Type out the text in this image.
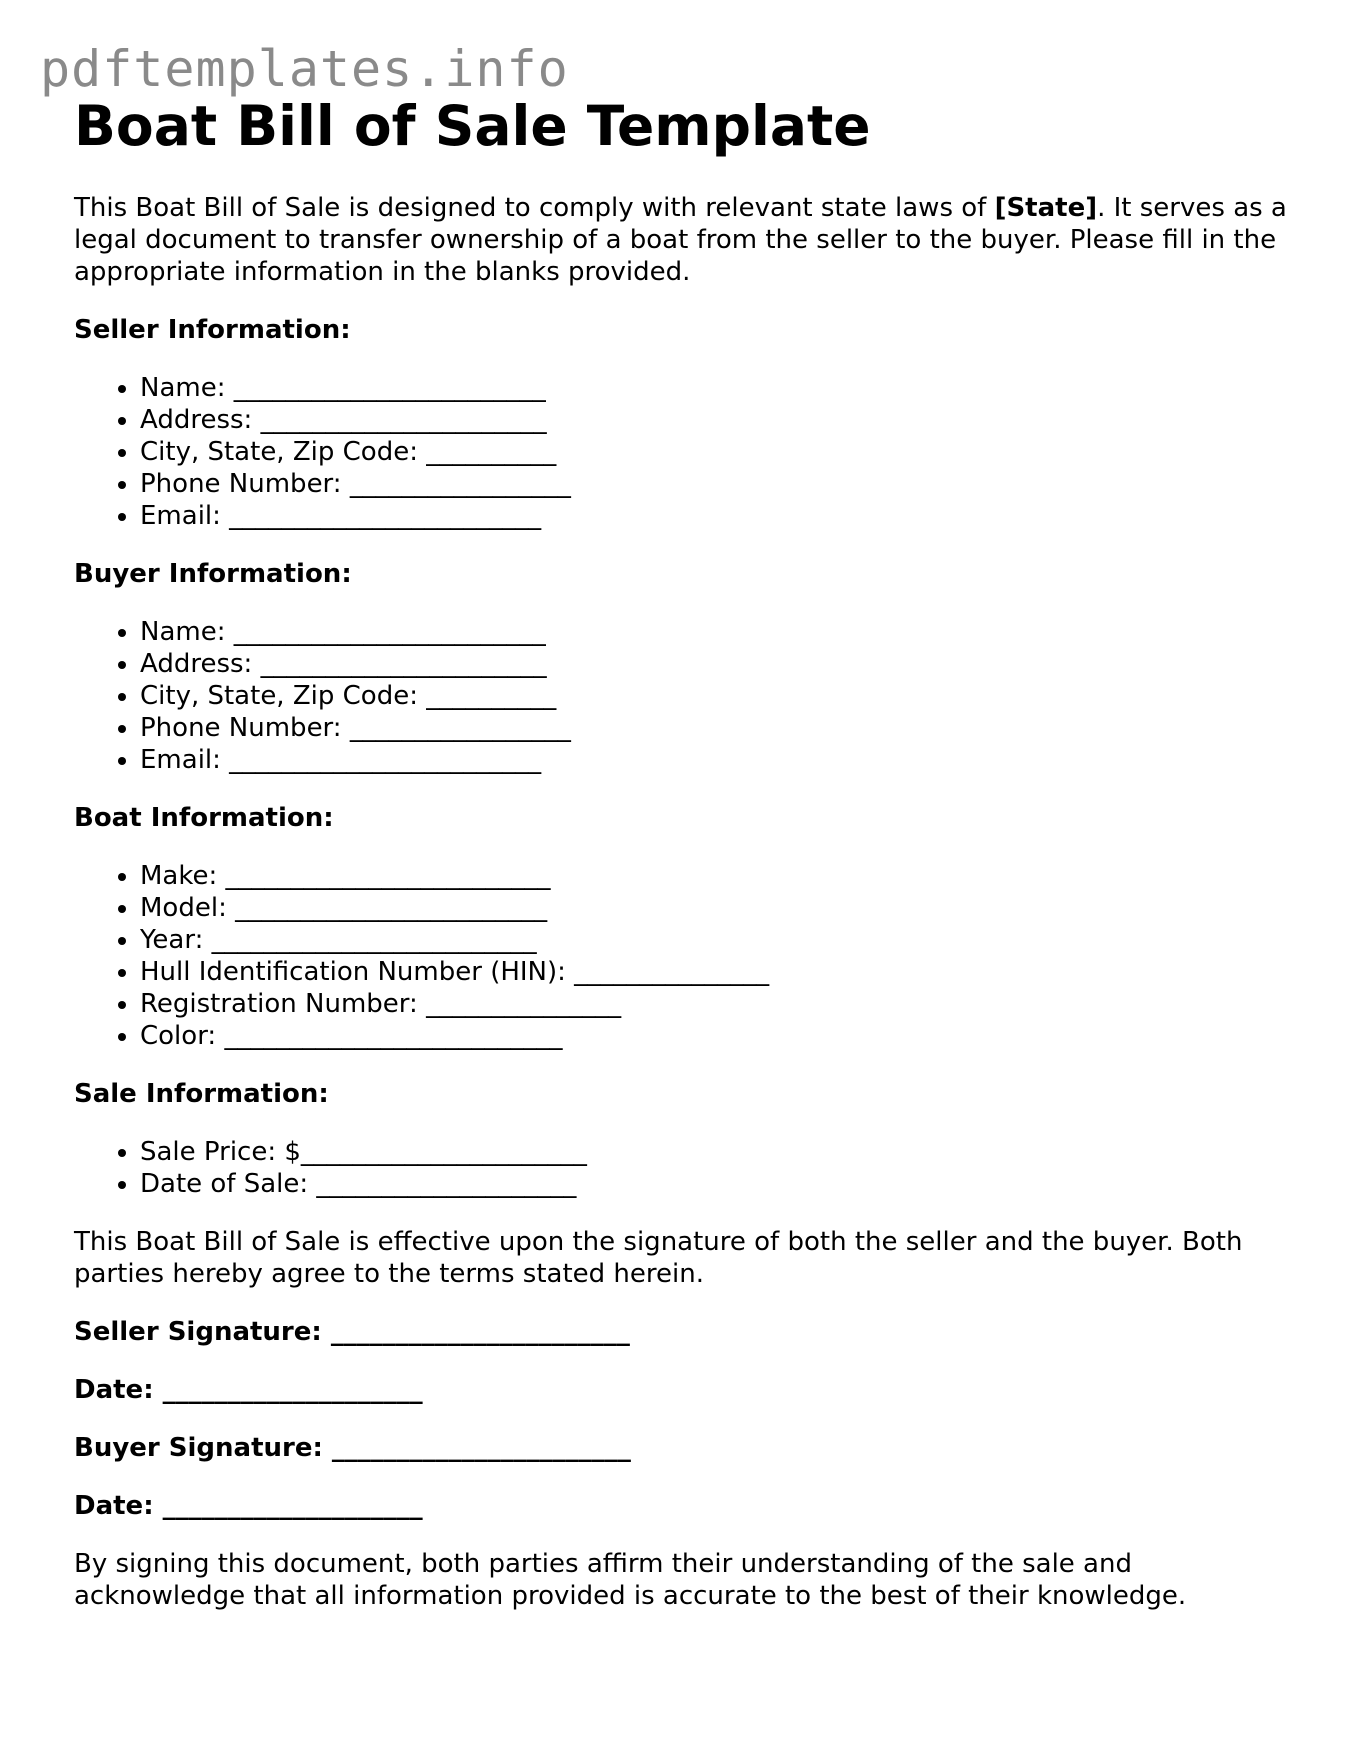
pdftemplates.info
Boat Bill of Sale Template

This Boat Bill of Sale is designed to comply with relevant state laws of [State]. It serves as a legal document to transfer ownership of a boat from the seller to the buyer. Please fill in the appropriate information in the blanks provided.

Seller Information:

• Name: ________________________
• Address: ______________________
• City, State, Zip Code: __________
• Phone Number: _________________
• Email: ________________________

Buyer Information:

• Name: ________________________
• Address: ______________________
• City, State, Zip Code: __________
• Phone Number: _________________
• Email: ________________________

Boat Information:

• Make: _________________________
• Model: ________________________
• Year: _________________________
• Hull Identification Number (HIN): _______________
• Registration Number: _______________
• Color: __________________________

Sale Information:

• Sale Price: $______________________
• Date of Sale: ____________________

This Boat Bill of Sale is effective upon the signature of both the seller and the buyer. Both parties hereby agree to the terms stated herein.

Seller Signature: _______________________

Date: ____________________

Buyer Signature: _______________________

Date: ____________________

By signing this document, both parties affirm their understanding of the sale and acknowledge that all information provided is accurate to the best of their knowledge.
